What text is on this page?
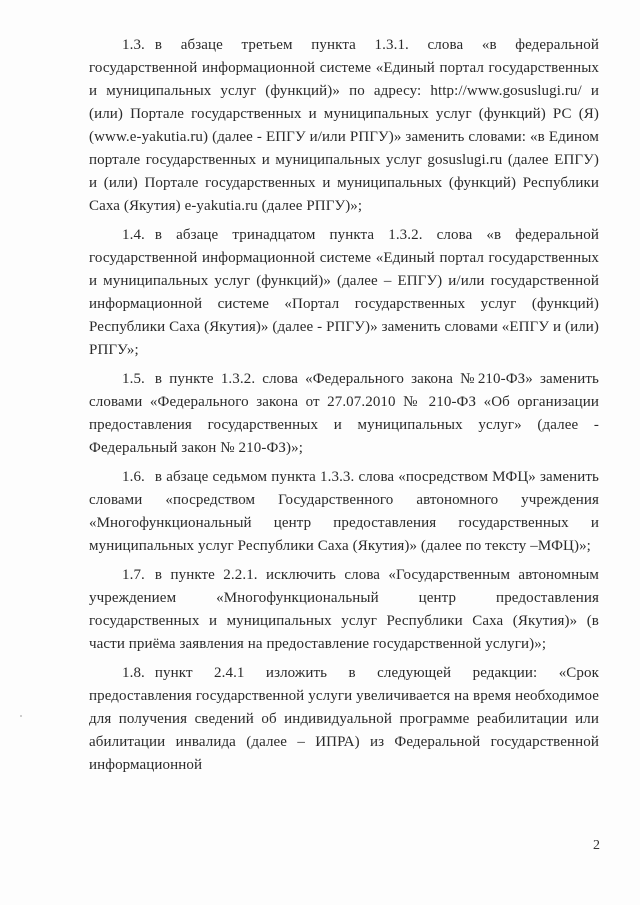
1.3. в абзаце третьем пункта 1.3.1. слова «в федеральной государственной информационной системе «Единый портал государственных и муниципальных услуг (функций)» по адресу: http://www.gosuslugi.ru/ и (или) Портале государственных и муниципальных услуг (функций) РС (Я) (www.e-yakutia.ru) (далее - ЕПГУ и/или РПГУ)» заменить словами: «в Едином портале государственных и муниципальных услуг gosuslugi.ru (далее ЕПГУ) и (или) Портале государственных и муниципальных (функций) Республики Саха (Якутия) e-yakutia.ru (далее РПГУ)»;

1.4. в абзаце тринадцатом пункта 1.3.2. слова «в федеральной государственной информационной системе «Единый портал государственных и муниципальных услуг (функций)» (далее – ЕПГУ) и/или государственной информационной системе «Портал государственных услуг (функций) Республики Саха (Якутия)» (далее - РПГУ)» заменить словами «ЕПГУ и (или) РПГУ»;

1.5. в пункте 1.3.2. слова «Федерального закона №210-ФЗ» заменить словами «Федерального закона от 27.07.2010 № 210-ФЗ «Об организации предоставления государственных и муниципальных услуг» (далее - Федеральный закон № 210-ФЗ)»;

1.6. в абзаце седьмом пункта 1.3.3. слова «посредством МФЦ» заменить словами «посредством Государственного автономного учреждения «Многофункциональный центр предоставления государственных и муниципальных услуг Республики Саха (Якутия)» (далее по тексту –МФЦ)»;

1.7. в пункте 2.2.1. исключить слова «Государственным автономным учреждением «Многофункциональный центр предоставления государственных и муниципальных услуг Республики Саха (Якутия)» (в части приёма заявления на предоставление государственной услуги)»;

1.8. пункт 2.4.1 изложить в следующей редакции: «Срок предоставления государственной услуги увеличивается на время необходимое для получения сведений об индивидуальной программе реабилитации или абилитации инвалида (далее – ИПРА) из Федеральной государственной информационной

2
